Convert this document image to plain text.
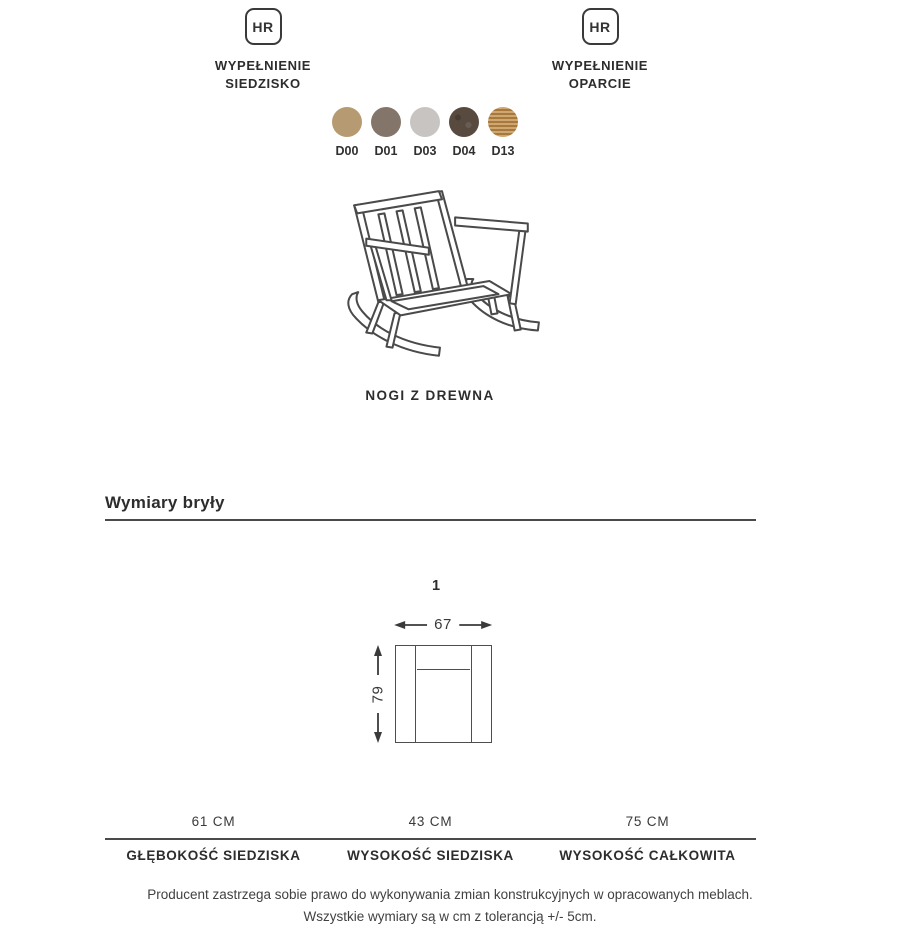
HR
WYPEŁNIENIE
SIEDZISKO
HR
WYPEŁNIENIE
OPARCIE
D00 D01 D03 D04 D13
NOGI Z DREWNA
Wymiary bryły
1
67
79
61 CM	43 CM	75 CM
GŁĘBOKOŚĆ SIEDZISKA	WYSOKOŚĆ SIEDZISKA	WYSOKOŚĆ CAŁKOWITA
Producent zastrzega sobie prawo do wykonywania zmian konstrukcyjnych w opracowanych meblach.
Wszystkie wymiary są w cm z tolerancją +/- 5cm.
